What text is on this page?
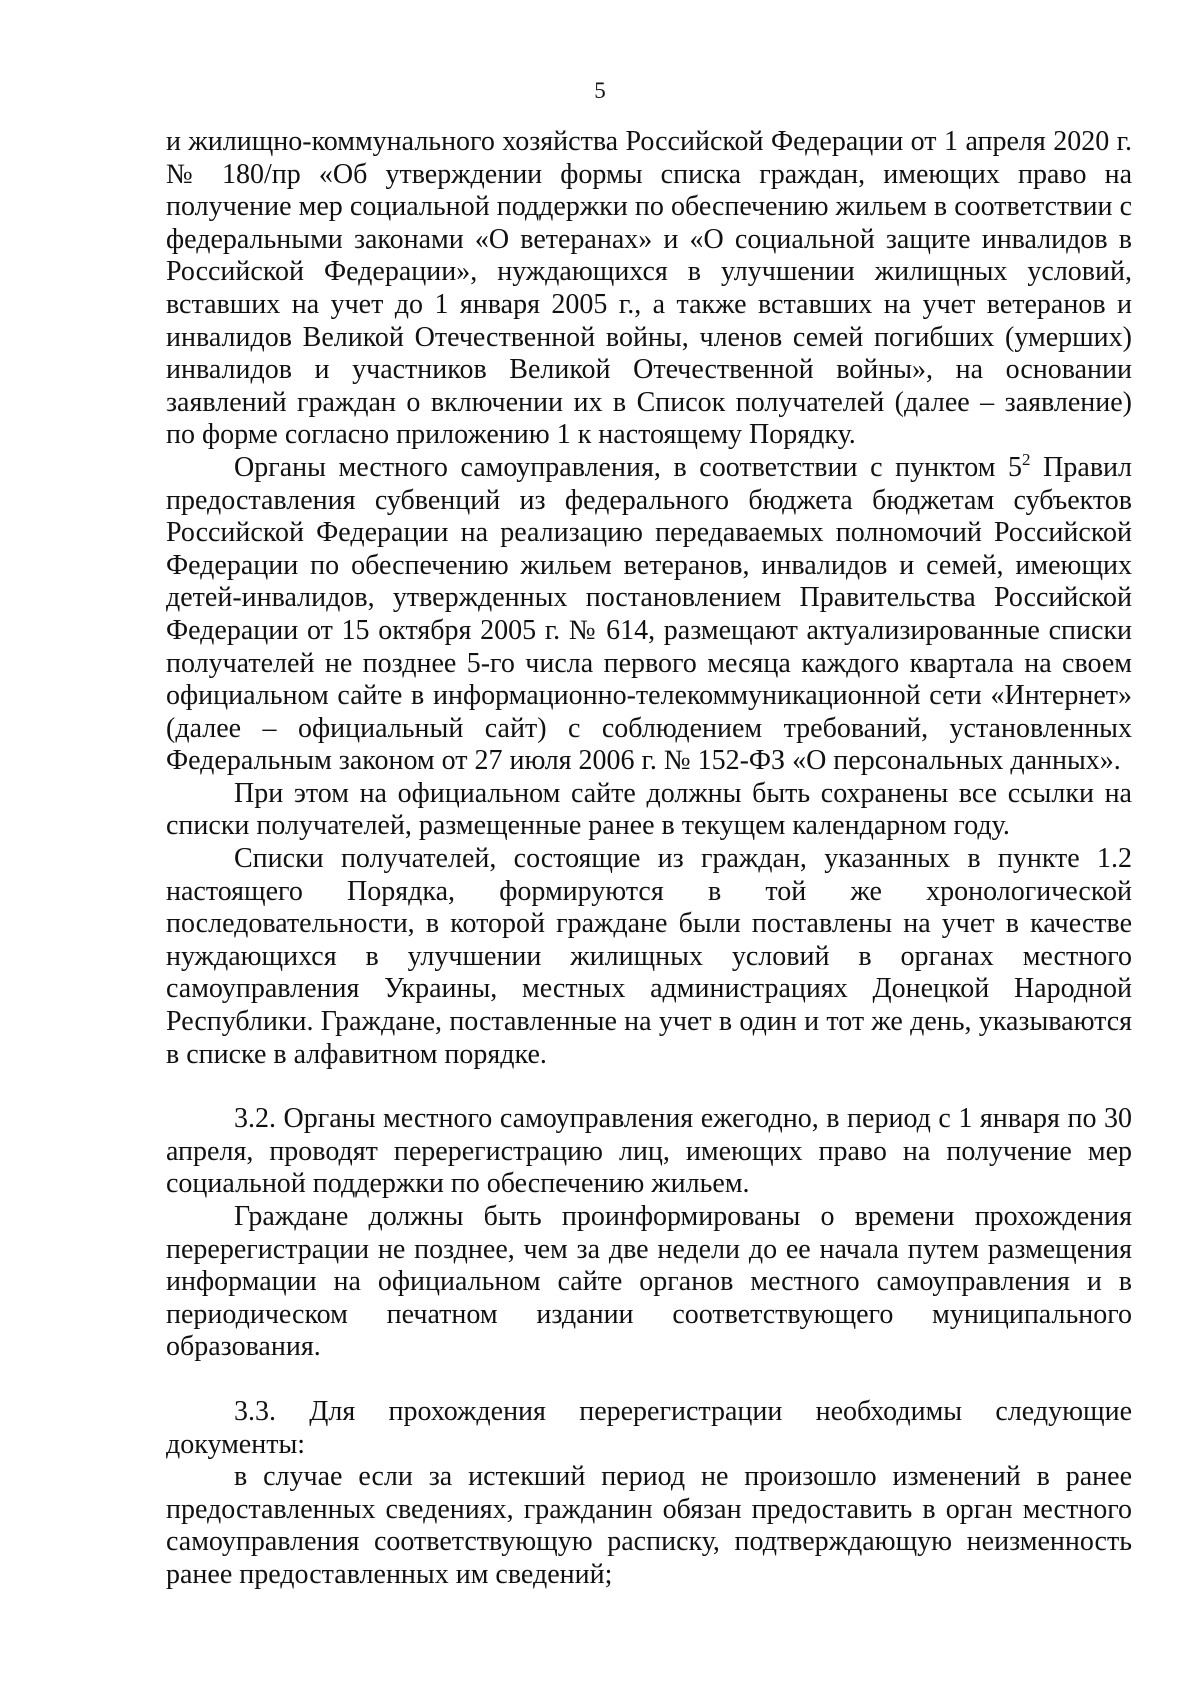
5

и жилищно-коммунального хозяйства Российской Федерации от 1 апреля 2020 г. № 180/пр «Об утверждении формы списка граждан, имеющих право на получение мер социальной поддержки по обеспечению жильем в соответствии с федеральными законами «О ветеранах» и «О социальной защите инвалидов в Российской Федерации», нуждающихся в улучшении жилищных условий, вставших на учет до 1 января 2005 г., а также вставших на учет ветеранов и инвалидов Великой Отечественной войны, членов семей погибших (умерших) инвалидов и участников Великой Отечественной войны», на основании заявлений граждан о включении их в Список получателей (далее – заявление) по форме согласно приложению 1 к настоящему Порядку.

Органы местного самоуправления, в соответствии с пунктом $5^2$ Правил предоставления субвенций из федерального бюджета бюджетам субъектов Российской Федерации на реализацию передаваемых полномочий Российской Федерации по обеспечению жильем ветеранов, инвалидов и семей, имеющих детей-инвалидов, утвержденных постановлением Правительства Российской Федерации от 15 октября 2005 г. № 614, размещают актуализированные списки получателей не позднее 5-го числа первого месяца каждого квартала на своем официальном сайте в информационно-телекоммуникационной сети «Интернет» (далее – официальный сайт) с соблюдением требований, установленных Федеральным законом от 27 июля 2006 г. № 152-ФЗ «О персональных данных».

При этом на официальном сайте должны быть сохранены все ссылки на списки получателей, размещенные ранее в текущем календарном году.

Списки получателей, состоящие из граждан, указанных в пункте 1.2 настоящего Порядка, формируются в той же хронологической последовательности, в которой граждане были поставлены на учет в качестве нуждающихся в улучшении жилищных условий в органах местного самоуправления Украины, местных администрациях Донецкой Народной Республики. Граждане, поставленные на учет в один и тот же день, указываются в списке в алфавитном порядке.

3.2. Органы местного самоуправления ежегодно, в период с 1 января по 30 апреля, проводят перерегистрацию лиц, имеющих право на получение мер социальной поддержки по обеспечению жильем.

Граждане должны быть проинформированы о времени прохождения перерегистрации не позднее, чем за две недели до ее начала путем размещения информации на официальном сайте органов местного самоуправления и в периодическом печатном издании соответствующего муниципального образования.

3.3. Для прохождения перерегистрации необходимы следующие документы:

в случае если за истекший период не произошло изменений в ранее предоставленных сведениях, гражданин обязан предоставить в орган местного самоуправления соответствующую расписку, подтверждающую неизменность ранее предоставленных им сведений;
